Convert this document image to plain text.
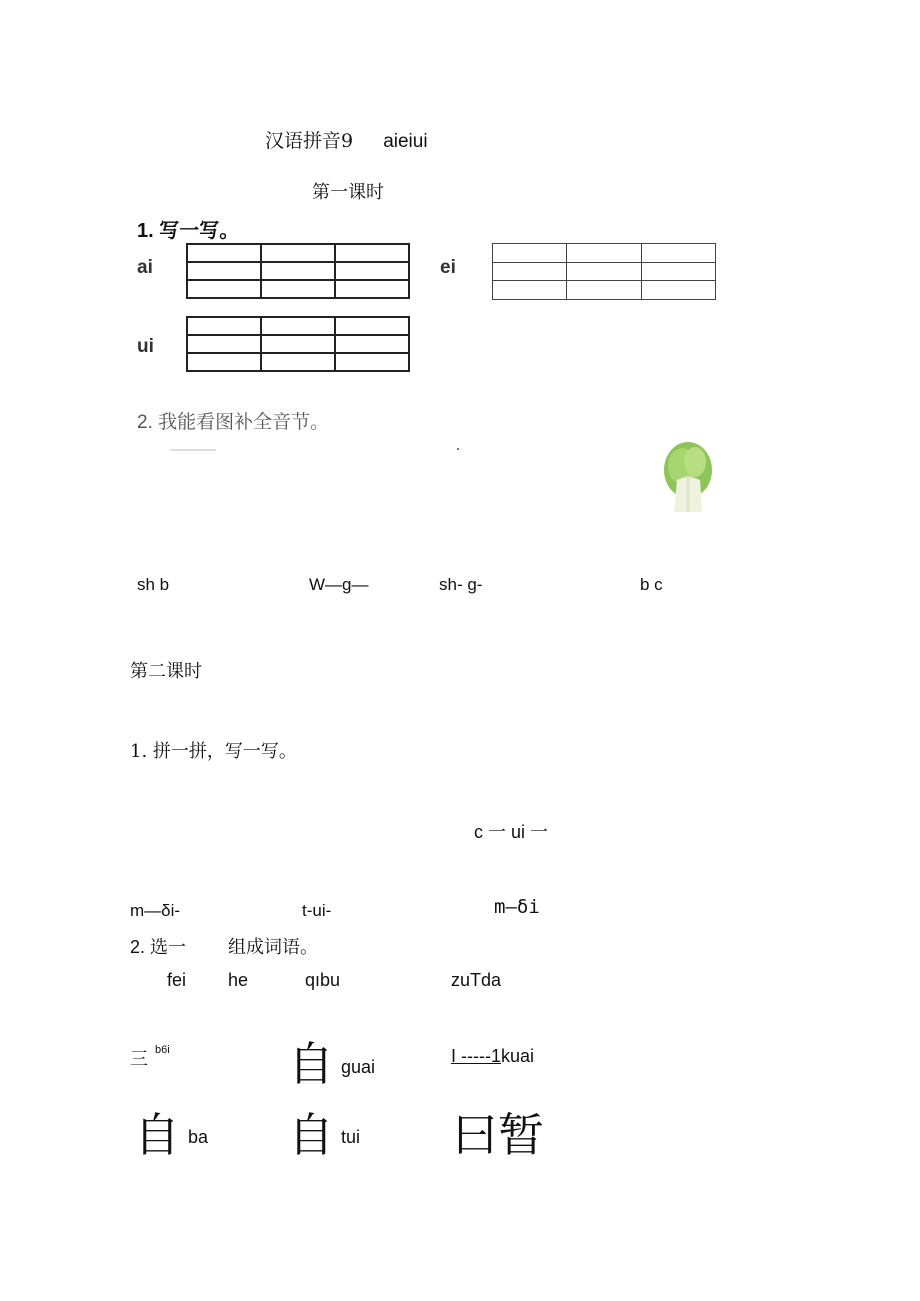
汉语拼音9 aieiui
第一课时
1. 写一写。
ai

			ei

ui

2. 我能看图补全音节。
sh b	W—g—	sh- g-	b c
第二课时
1. 拼一拼，写一写。
c 一 ui 一
m—δi-	t-ui-	m—δi
2. 选一 组成词语。
fei he	qıbu	zuTda
三 b6i	自 guai
I -----1kuai
自 ba 自 tui 曰暂
